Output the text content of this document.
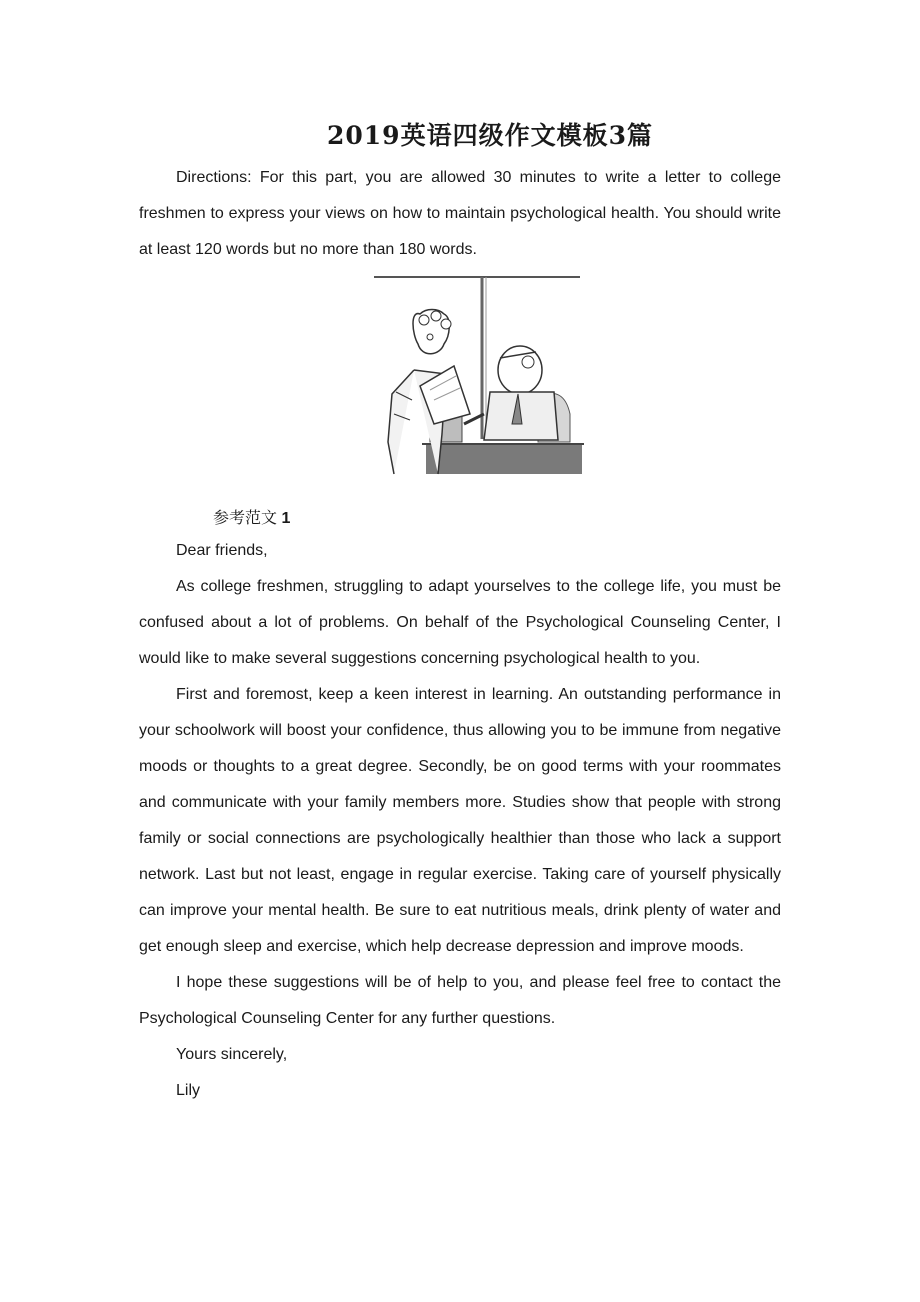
2019英语四级作文模板3篇

Directions: For this part, you are allowed 30 minutes to write a letter to college freshmen to express your views on how to maintain psychological health. You should write at least 120 words but no more than 180 words.

参考范文 1

Dear friends,

As college freshmen, struggling to adapt yourselves to the college life, you must be confused about a lot of problems. On behalf of the Psychological Counseling Center, I would like to make several suggestions concerning psychological health to you.

First and foremost, keep a keen interest in learning. An outstanding performance in your schoolwork will boost your confidence, thus allowing you to be immune from negative moods or thoughts to a great degree. Secondly, be on good terms with your roommates and communicate with your family members more. Studies show that people with strong family or social connections are psychologically healthier than those who lack a support network. Last but not least, engage in regular exercise. Taking care of yourself physically can improve your mental health. Be sure to eat nutritious meals, drink plenty of water and get enough sleep and exercise, which help decrease depression and improve moods.

I hope these suggestions will be of help to you, and please feel free to contact the Psychological Counseling Center for any further questions.

Yours sincerely,

Lily
